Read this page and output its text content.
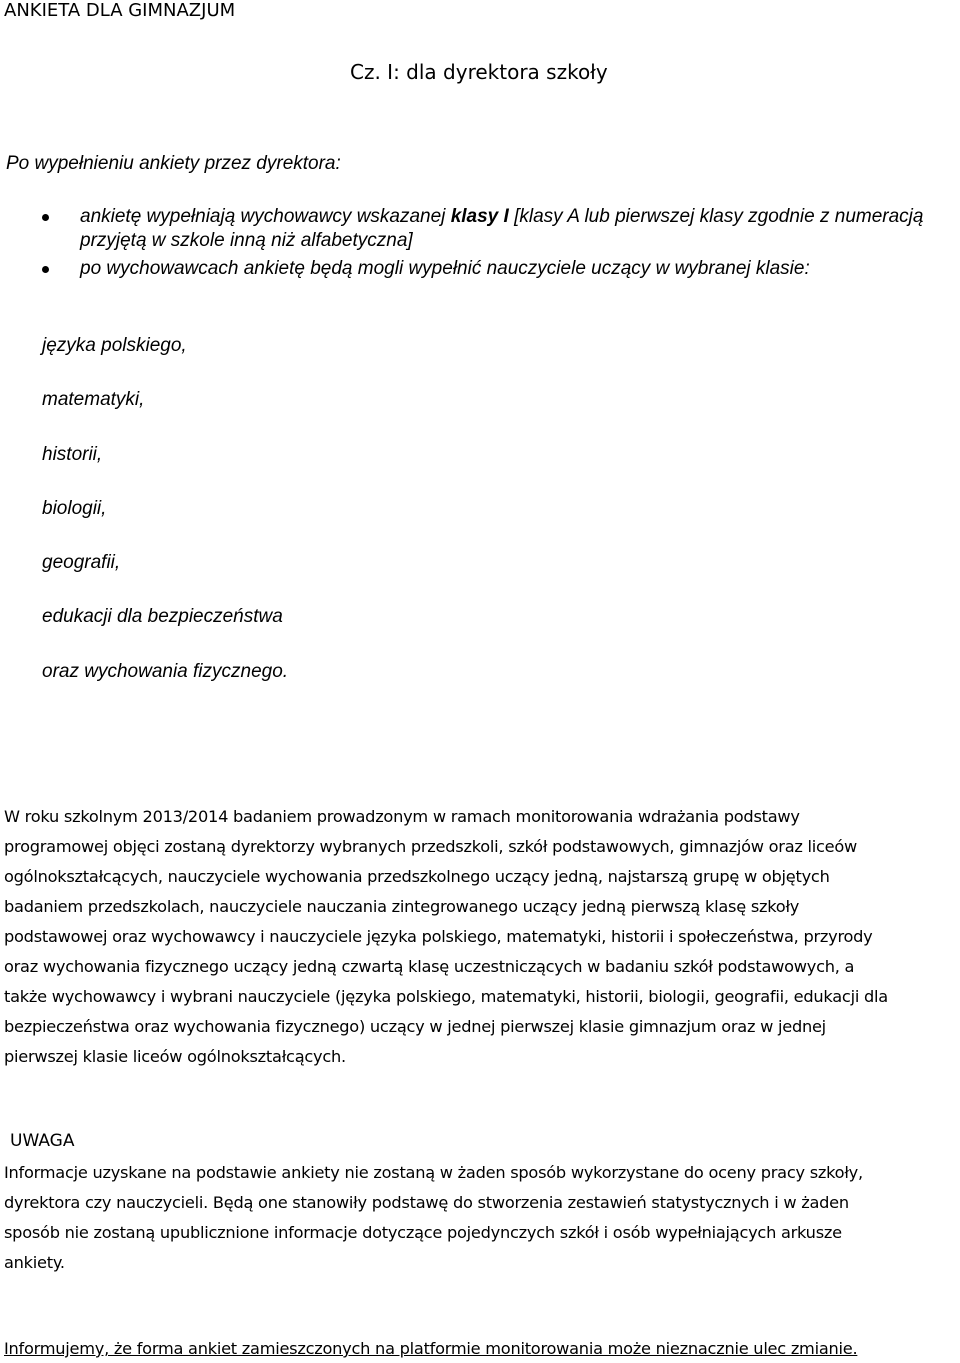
ANKIETA DLA GIMNAZJUM
Cz. I: dla dyrektora szkoły
Po wypełnieniu ankiety przez dyrektora:
ankietę wypełniają wychowawcy wskazanej klasy I [klasy A lub pierwszej klasy zgodnie z numeracją przyjętą w szkole inną niż alfabetyczna]
po wychowawcach ankietę będą mogli wypełnić nauczyciele uczący w wybranej klasie:
języka polskiego,
matematyki,
historii,
biologii,
geografii,
edukacji dla bezpieczeństwa
oraz wychowania fizycznego.

W roku szkolnym 2013/2014 badaniem prowadzonym w ramach monitorowania wdrażania podstawy
programowej objęci zostaną dyrektorzy wybranych przedszkoli, szkół podstawowych, gimnazjów oraz liceów
ogólnokształcących, nauczyciele wychowania przedszkolnego uczący jedną, najstarszą grupę w objętych
badaniem przedszkolach, nauczyciele nauczania zintegrowanego uczący jedną pierwszą klasę szkoły
podstawowej oraz wychowawcy i nauczyciele języka polskiego, matematyki, historii i społeczeństwa, przyrody
oraz wychowania fizycznego uczący jedną czwartą klasę uczestniczących w badaniu szkół podstawowych, a
także wychowawcy i wybrani nauczyciele (języka polskiego, matematyki, historii, biologii, geografii, edukacji dla
bezpieczeństwa oraz wychowania fizycznego) uczący w jednej pierwszej klasie gimnazjum oraz w jednej
pierwszej klasie liceów ogólnokształcących.

UWAGA

Informacje uzyskane na podstawie ankiety nie zostaną w żaden sposób wykorzystane do oceny pracy szkoły,
dyrektora czy nauczycieli. Będą one stanowiły podstawę do stworzenia zestawień statystycznych i w żaden
sposób nie zostaną upublicznione informacje dotyczące pojedynczych szkół i osób wypełniających arkusze
ankiety.

Informujemy, że forma ankiet zamieszczonych na platformie monitorowania może nieznacznie ulec zmianie.
